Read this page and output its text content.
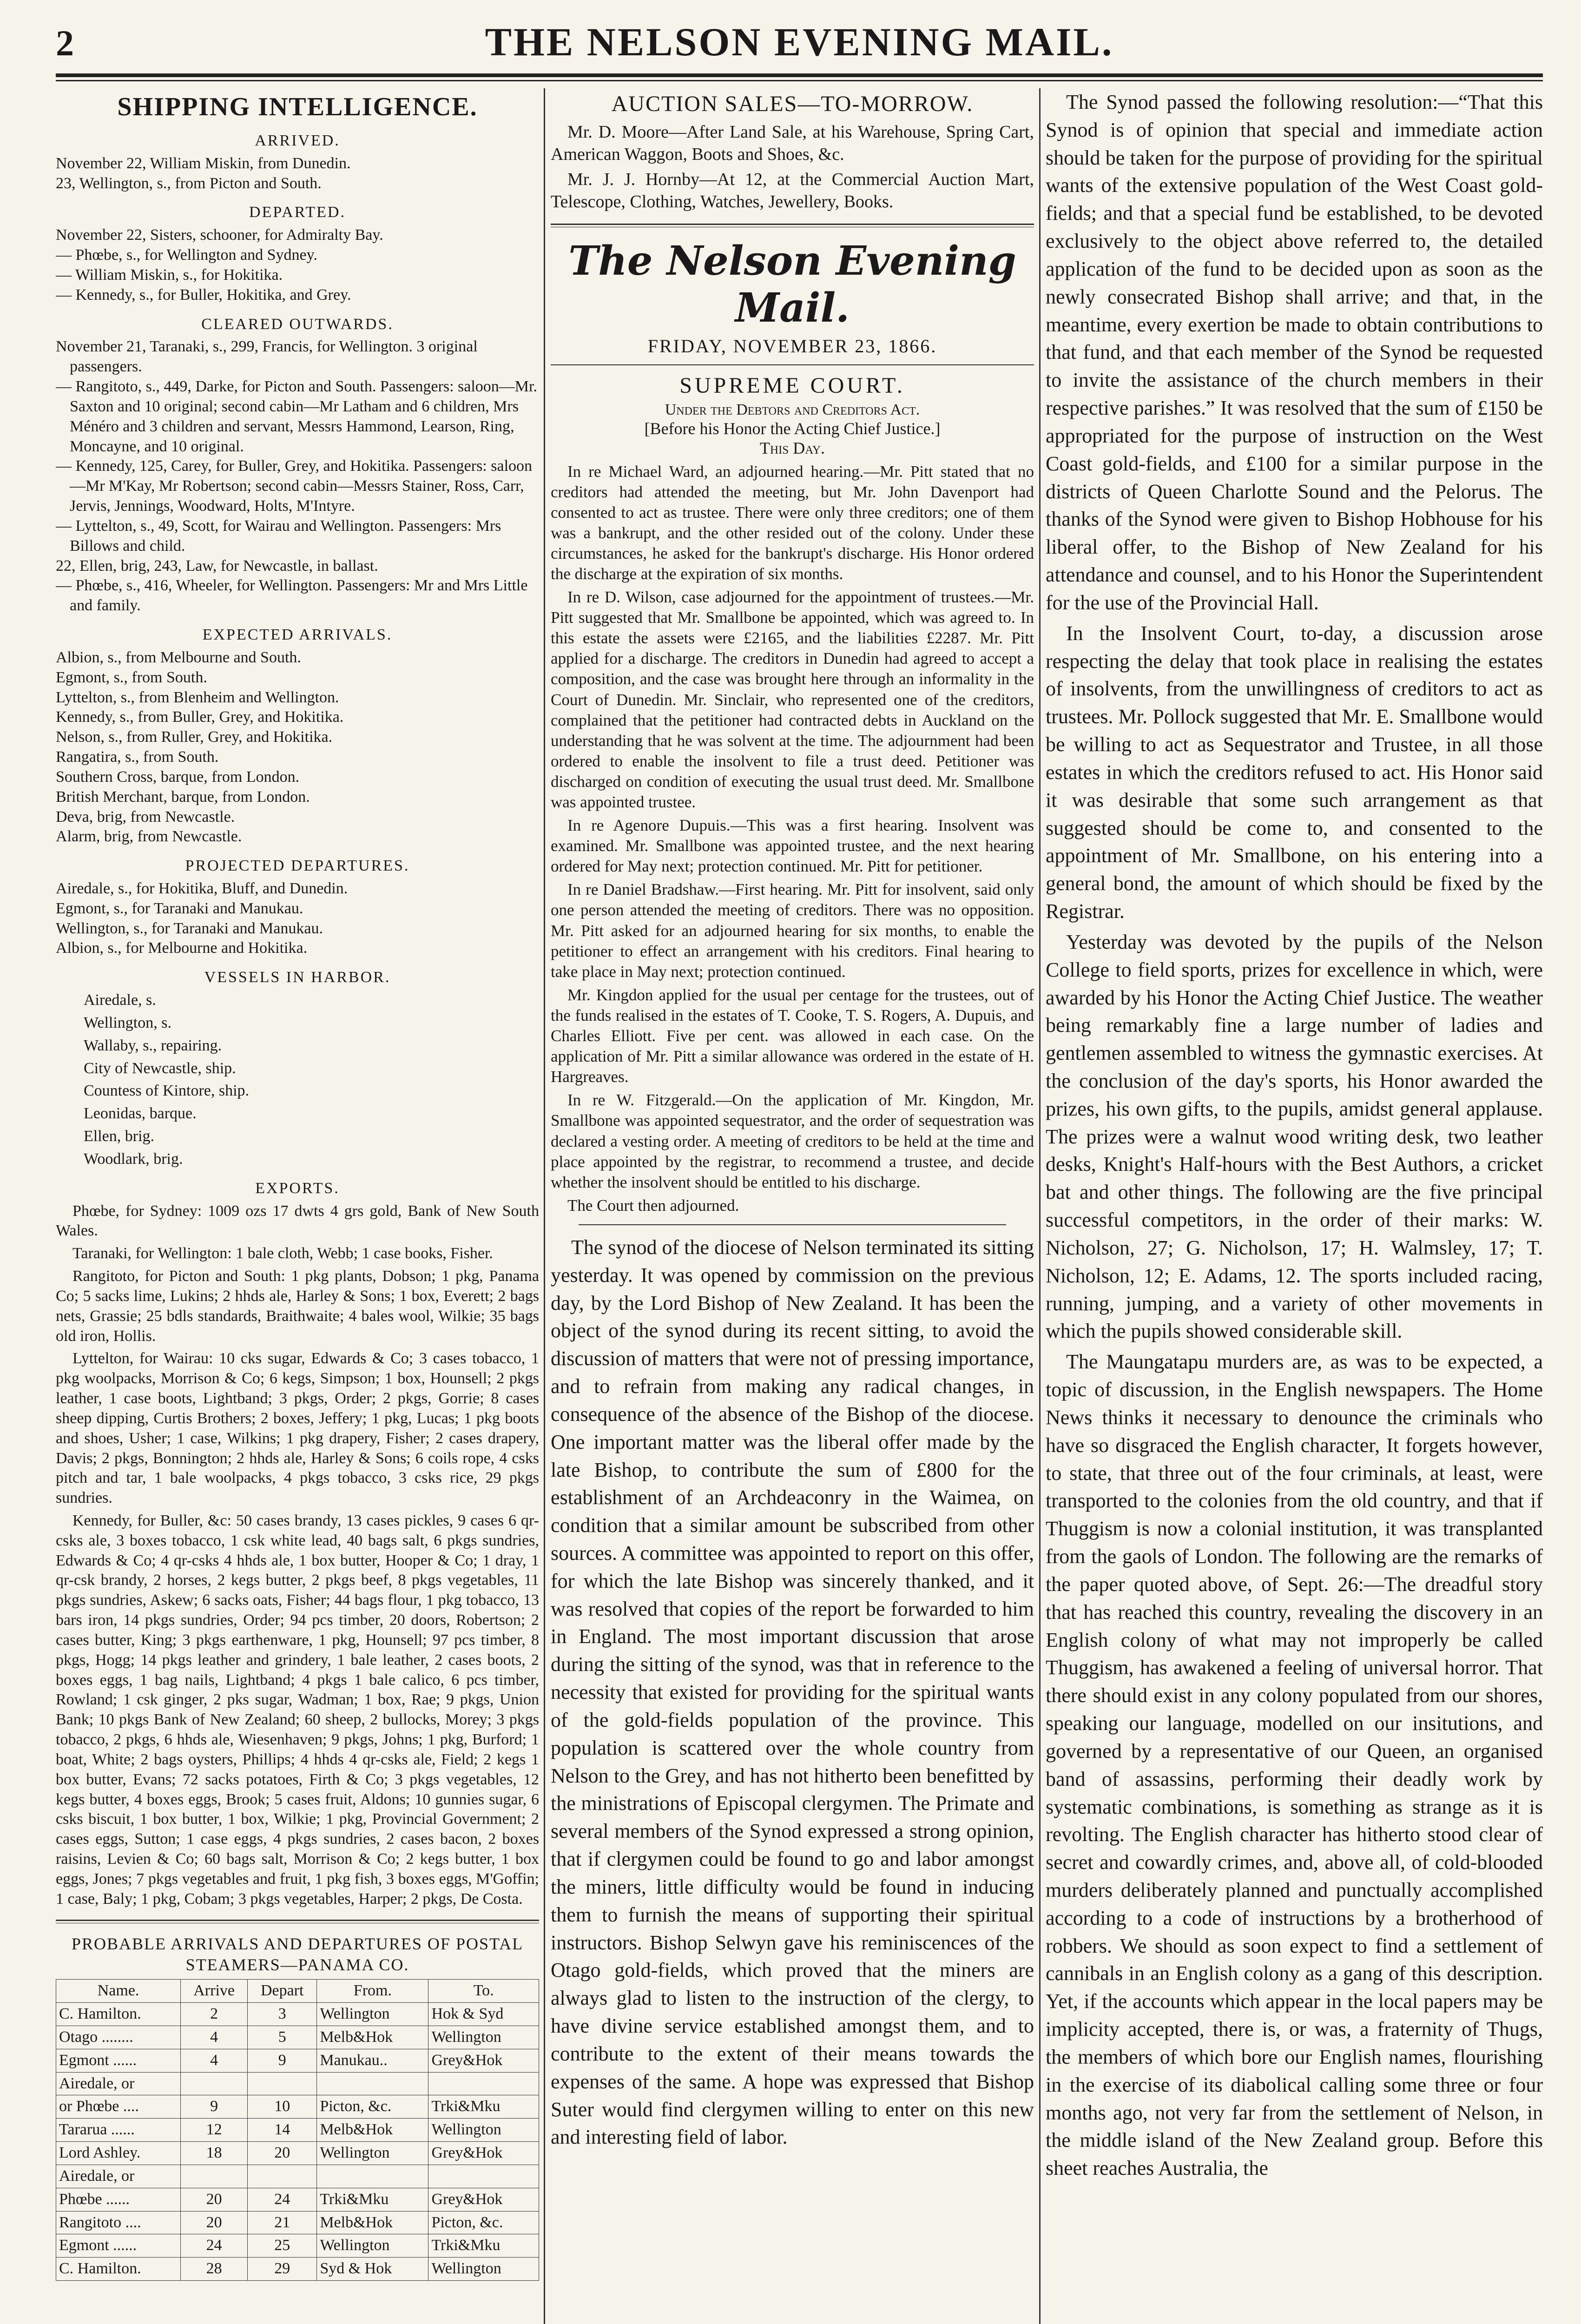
2	THE NELSON EVENING MAIL.
SHIPPING INTELLIGENCE.
ARRIVED.

November 22, William Miskin, from Dunedin.

23, Wellington, s., from Picton and South.

DEPARTED.

November 22, Sisters, schooner, for Admiralty Bay.

— Phœbe, s., for Wellington and Sydney.

— William Miskin, s., for Hokitika.

— Kennedy, s., for Buller, Hokitika, and Grey.

CLEARED OUTWARDS.

November 21, Taranaki, s., 299, Francis, for Wellington. 3 original passengers.

— Rangitoto, s., 449, Darke, for Picton and South. Passengers: saloon—Mr. Saxton and 10 original; second cabin—Mr Latham and 6 children, Mrs Ménéro and 3 children and servant, Messrs Hammond, Learson, Ring, Moncayne, and 10 original.

— Kennedy, 125, Carey, for Buller, Grey, and Hokitika. Passengers: saloon—Mr M'Kay, Mr Robertson; second cabin—Messrs Stainer, Ross, Carr, Jervis, Jennings, Woodward, Holts, M'Intyre.

— Lyttelton, s., 49, Scott, for Wairau and Wellington. Passengers: Mrs Billows and child.

22, Ellen, brig, 243, Law, for Newcastle, in ballast.

— Phœbe, s., 416, Wheeler, for Wellington. Passengers: Mr and Mrs Little and family.

EXPECTED ARRIVALS.

Albion, s., from Melbourne and South.

Egmont, s., from South.

Lyttelton, s., from Blenheim and Wellington.

Kennedy, s., from Buller, Grey, and Hokitika.

Nelson, s., from Ruller, Grey, and Hokitika.

Rangatira, s., from South.

Southern Cross, barque, from London.

British Merchant, barque, from London.

Deva, brig, from Newcastle.

Alarm, brig, from Newcastle.

PROJECTED DEPARTURES.

Airedale, s., for Hokitika, Bluff, and Dunedin.

Egmont, s., for Taranaki and Manukau.

Wellington, s., for Taranaki and Manukau.

Albion, s., for Melbourne and Hokitika.

VESSELS IN HARBOR.

Airedale, s.

Wellington, s.

Wallaby, s., repairing.

City of Newcastle, ship.

Countess of Kintore, ship.

Leonidas, barque.

Ellen, brig.

Woodlark, brig.

EXPORTS.

Phœbe, for Sydney: 1009 ozs 17 dwts 4 grs gold, Bank of New South Wales.

Taranaki, for Wellington: 1 bale cloth, Webb; 1 case books, Fisher.

Rangitoto, for Picton and South: 1 pkg plants, Dobson; 1 pkg, Panama Co; 5 sacks lime, Lukins; 2 hhds ale, Harley & Sons; 1 box, Everett; 2 bags nets, Grassie; 25 bdls standards, Braithwaite; 4 bales wool, Wilkie; 35 bags old iron, Hollis.

Lyttelton, for Wairau: 10 cks sugar, Edwards & Co; 3 cases tobacco, 1 pkg woolpacks, Morrison & Co; 6 kegs, Simpson; 1 box, Hounsell; 2 pkgs leather, 1 case boots, Lightband; 3 pkgs, Order; 2 pkgs, Gorrie; 8 cases sheep dipping, Curtis Brothers; 2 boxes, Jeffery; 1 pkg, Lucas; 1 pkg boots and shoes, Usher; 1 case, Wilkins; 1 pkg drapery, Fisher; 2 cases drapery, Davis; 2 pkgs, Bonnington; 2 hhds ale, Harley & Sons; 6 coils rope, 4 csks pitch and tar, 1 bale woolpacks, 4 pkgs tobacco, 3 csks rice, 29 pkgs sundries.

Kennedy, for Buller, &c: 50 cases brandy, 13 cases pickles, 9 cases 6 qr-csks ale, 3 boxes tobacco, 1 csk white lead, 40 bags salt, 6 pkgs sundries, Edwards & Co; 4 qr-csks 4 hhds ale, 1 box butter, Hooper & Co; 1 dray, 1 qr-csk brandy, 2 horses, 2 kegs butter, 2 pkgs beef, 8 pkgs vegetables, 11 pkgs sundries, Askew; 6 sacks oats, Fisher; 44 bags flour, 1 pkg tobacco, 13 bars iron, 14 pkgs sundries, Order; 94 pcs timber, 20 doors, Robertson; 2 cases butter, King; 3 pkgs earthenware, 1 pkg, Hounsell; 97 pcs timber, 8 pkgs, Hogg; 14 pkgs leather and grindery, 1 bale leather, 2 cases boots, 2 boxes eggs, 1 bag nails, Lightband; 4 pkgs 1 bale calico, 6 pcs timber, Rowland; 1 csk ginger, 2 pks sugar, Wadman; 1 box, Rae; 9 pkgs, Union Bank; 10 pkgs Bank of New Zealand; 60 sheep, 2 bullocks, Morey; 3 pkgs tobacco, 2 pkgs, 6 hhds ale, Wiesenhaven; 9 pkgs, Johns; 1 pkg, Burford; 1 boat, White; 2 bags oysters, Phillips; 4 hhds 4 qr-csks ale, Field; 2 kegs 1 box butter, Evans; 72 sacks potatoes, Firth & Co; 3 pkgs vegetables, 12 kegs butter, 4 boxes eggs, Brook; 5 cases fruit, Aldons; 10 gunnies sugar, 6 csks biscuit, 1 box butter, 1 box, Wilkie; 1 pkg, Provincial Government; 2 cases eggs, Sutton; 1 case eggs, 4 pkgs sundries, 2 cases bacon, 2 boxes raisins, Levien & Co; 60 bags salt, Morrison & Co; 2 kegs butter, 1 box eggs, Jones; 7 pkgs vegetables and fruit, 1 pkg fish, 3 boxes eggs, M'Goffin; 1 case, Baly; 1 pkg, Cobam; 3 pkgs vegetables, Harper; 2 pkgs, De Costa.

PROBABLE ARRIVALS AND DEPARTURES OF POSTAL STEAMERS—PANAMA CO.
Name.	Arrive	Depart	From.	To.
C. Hamilton.	2	3	Wellington	Hok & Syd
Otago ........	4	5	Melb&Hok	Wellington
Egmont ......	4	9	Manukau..	Grey&Hok
Airedale, or				
or Phœbe ....	9	10	Picton, &c.	Trki&Mku
Tararua ......	12	14	Melb&Hok	Wellington
Lord Ashley.	18	20	Wellington	Grey&Hok
Airedale, or				
Phœbe ......	20	24	Trki&Mku	Grey&Hok
Rangitoto ....	20	21	Melb&Hok	Picton, &c.
Egmont ......	24	25	Wellington	Trki&Mku
C. Hamilton.	28	29	Syd & Hok	Wellington
AUCTION SALES—TO-MORROW.

Mr. D. Moore—After Land Sale, at his Warehouse, Spring Cart, American Waggon, Boots and Shoes, &c.

Mr. J. J. Hornby—At 12, at the Commercial Auction Mart, Telescope, Clothing, Watches, Jewellery, Books.

The Nelson Evening Mail.
FRIDAY, NOVEMBER 23, 1866.
SUPREME COURT.
Under the Debtors and Creditors Act.
[Before his Honor the Acting Chief Justice.]
This Day.

In re Michael Ward, an adjourned hearing.—Mr. Pitt stated that no creditors had attended the meeting, but Mr. John Davenport had consented to act as trustee. There were only three creditors; one of them was a bankrupt, and the other resided out of the colony. Under these circumstances, he asked for the bankrupt's discharge. His Honor ordered the discharge at the expiration of six months.

In re D. Wilson, case adjourned for the appointment of trustees.—Mr. Pitt suggested that Mr. Smallbone be appointed, which was agreed to. In this estate the assets were £2165, and the liabilities £2287. Mr. Pitt applied for a discharge. The creditors in Dunedin had agreed to accept a composition, and the case was brought here through an informality in the Court of Dunedin. Mr. Sinclair, who represented one of the creditors, complained that the petitioner had contracted debts in Auckland on the understanding that he was solvent at the time. The adjournment had been ordered to enable the insolvent to file a trust deed. Petitioner was discharged on condition of executing the usual trust deed. Mr. Smallbone was appointed trustee.

In re Agenore Dupuis.—This was a first hearing. Insolvent was examined. Mr. Smallbone was appointed trustee, and the next hearing ordered for May next; protection continued. Mr. Pitt for petitioner.

In re Daniel Bradshaw.—First hearing. Mr. Pitt for insolvent, said only one person attended the meeting of creditors. There was no opposition. Mr. Pitt asked for an adjourned hearing for six months, to enable the petitioner to effect an arrangement with his creditors. Final hearing to take place in May next; protection continued.

Mr. Kingdon applied for the usual per centage for the trustees, out of the funds realised in the estates of T. Cooke, T. S. Rogers, A. Dupuis, and Charles Elliott. Five per cent. was allowed in each case. On the application of Mr. Pitt a similar allowance was ordered in the estate of H. Hargreaves.

In re W. Fitzgerald.—On the application of Mr. Kingdon, Mr. Smallbone was appointed sequestrator, and the order of sequestration was declared a vesting order. A meeting of creditors to be held at the time and place appointed by the registrar, to recommend a trustee, and decide whether the insolvent should be entitled to his discharge.

The Court then adjourned.

The synod of the diocese of Nelson terminated its sitting yesterday. It was opened by commission on the previous day, by the Lord Bishop of New Zealand. It has been the object of the synod during its recent sitting, to avoid the discussion of matters that were not of pressing importance, and to refrain from making any radical changes, in consequence of the absence of the Bishop of the diocese. One important matter was the liberal offer made by the late Bishop, to contribute the sum of £800 for the establishment of an Archdeaconry in the Waimea, on condition that a similar amount be subscribed from other sources. A committee was appointed to report on this offer, for which the late Bishop was sincerely thanked, and it was resolved that copies of the report be forwarded to him in England. The most important discussion that arose during the sitting of the synod, was that in reference to the necessity that existed for providing for the spiritual wants of the gold-fields population of the province. This population is scattered over the whole country from Nelson to the Grey, and has not hitherto been benefitted by the ministrations of Episcopal clergymen. The Primate and several members of the Synod expressed a strong opinion, that if clergymen could be found to go and labor amongst the miners, little difficulty would be found in inducing them to furnish the means of supporting their spiritual instructors. Bishop Selwyn gave his reminiscences of the Otago gold-fields, which proved that the miners are always glad to listen to the instruction of the clergy, to have divine service established amongst them, and to contribute to the extent of their means towards the expenses of the same. A hope was expressed that Bishop Suter would find clergymen willing to enter on this new and interesting field of labor.

The Synod passed the following resolution:—“That this Synod is of opinion that special and immediate action should be taken for the purpose of providing for the spiritual wants of the extensive population of the West Coast gold-fields; and that a special fund be established, to be devoted exclusively to the object above referred to, the detailed application of the fund to be decided upon as soon as the newly consecrated Bishop shall arrive; and that, in the meantime, every exertion be made to obtain contributions to that fund, and that each member of the Synod be requested to invite the assistance of the church members in their respective parishes.” It was resolved that the sum of £150 be appropriated for the purpose of instruction on the West Coast gold-fields, and £100 for a similar purpose in the districts of Queen Charlotte Sound and the Pelorus. The thanks of the Synod were given to Bishop Hobhouse for his liberal offer, to the Bishop of New Zealand for his attendance and counsel, and to his Honor the Superintendent for the use of the Provincial Hall.

In the Insolvent Court, to-day, a discussion arose respecting the delay that took place in realising the estates of insolvents, from the unwillingness of creditors to act as trustees. Mr. Pollock suggested that Mr. E. Smallbone would be willing to act as Sequestrator and Trustee, in all those estates in which the creditors refused to act. His Honor said it was desirable that some such arrangement as that suggested should be come to, and consented to the appointment of Mr. Smallbone, on his entering into a general bond, the amount of which should be fixed by the Registrar.

Yesterday was devoted by the pupils of the Nelson College to field sports, prizes for excellence in which, were awarded by his Honor the Acting Chief Justice. The weather being remarkably fine a large number of ladies and gentlemen assembled to witness the gymnastic exercises. At the conclusion of the day's sports, his Honor awarded the prizes, his own gifts, to the pupils, amidst general applause. The prizes were a walnut wood writing desk, two leather desks, Knight's Half-hours with the Best Authors, a cricket bat and other things. The following are the five principal successful competitors, in the order of their marks: W. Nicholson, 27; G. Nicholson, 17; H. Walmsley, 17; T. Nicholson, 12; E. Adams, 12. The sports included racing, running, jumping, and a variety of other movements in which the pupils showed considerable skill.

The Maungatapu murders are, as was to be expected, a topic of discussion, in the English newspapers. The Home News thinks it necessary to denounce the criminals who have so disgraced the English character, It forgets however, to state, that three out of the four criminals, at least, were transported to the colonies from the old country, and that if Thuggism is now a colonial institution, it was transplanted from the gaols of London. The following are the remarks of the paper quoted above, of Sept. 26:—The dreadful story that has reached this country, revealing the discovery in an English colony of what may not improperly be called Thuggism, has awakened a feeling of universal horror. That there should exist in any colony populated from our shores, speaking our language, modelled on our insitutions, and governed by a representative of our Queen, an organised band of assassins, performing their deadly work by systematic combinations, is something as strange as it is revolting. The English character has hitherto stood clear of secret and cowardly crimes, and, above all, of cold-blooded murders deliberately planned and punctually accomplished according to a code of instructions by a brotherhood of robbers. We should as soon expect to find a settlement of cannibals in an English colony as a gang of this description. Yet, if the accounts which appear in the local papers may be implicity accepted, there is, or was, a fraternity of Thugs, the members of which bore our English names, flourishing in the exercise of its diabolical calling some three or four months ago, not very far from the settlement of Nelson, in the middle island of the New Zealand group. Before this sheet reaches Australia, the
